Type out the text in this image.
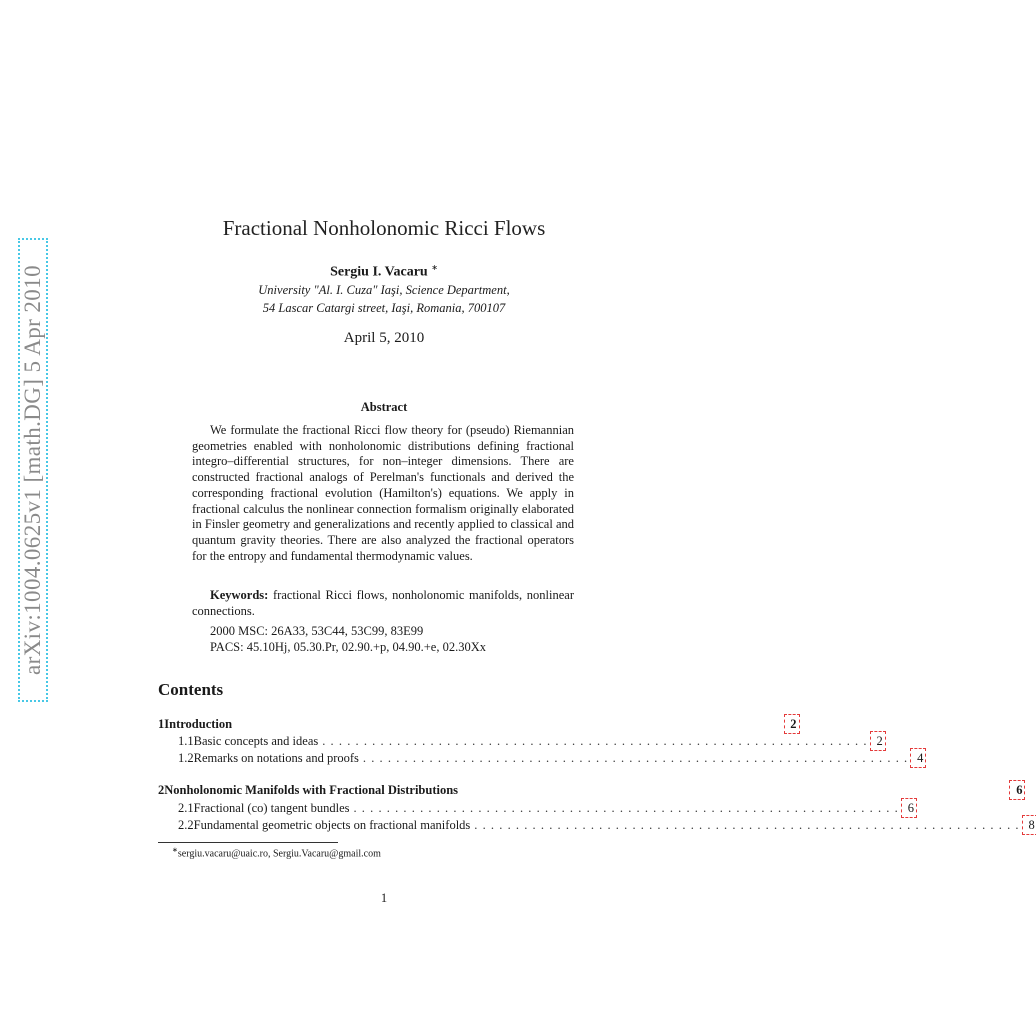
arXiv:1004.0625v1 [math.DG] 5 Apr 2010
Fractional Nonholonomic Ricci Flows
Sergiu I. Vacaru ∗
University "Al. I. Cuza" Iaşi, Science Department,
54 Lascar Catargi street, Iaşi, Romania, 700107
April 5, 2010
Abstract

We formulate the fractional Ricci flow theory for (pseudo) Riemannian geometries enabled with nonholonomic distributions defining fractional integro–differential structures, for non–integer dimensions. There are constructed fractional analogs of Perelman's functionals and derived the corresponding fractional evolution (Hamilton's) equations. We apply in fractional calculus the nonlinear connection formalism originally elaborated in Finsler geometry and generalizations and recently applied to classical and quantum gravity theories. There are also analyzed the fractional operators for the entropy and fundamental thermodynamic values.

Keywords: fractional Ricci flows, nonholonomic manifolds, nonlinear connections.

2000 MSC: 26A33, 53C44, 53C99, 83E99
PACS: 45.10Hj, 05.30.Pr, 02.90.+p, 04.90.+e, 02.30Xx
Contents
1 Introduction	2
1.1 Basic concepts and ideas .................................................................. 2
1.2 Remarks on notations and proofs .................................................................. 4
2 Nonholonomic Manifolds with Fractional Distributions	6
2.1 Fractional (co) tangent bundles .................................................................. 6
2.2 Fundamental geometric objects on fractional manifolds .................................................................. 8
∗sergiu.vacaru@uaic.ro, Sergiu.Vacaru@gmail.com
1
